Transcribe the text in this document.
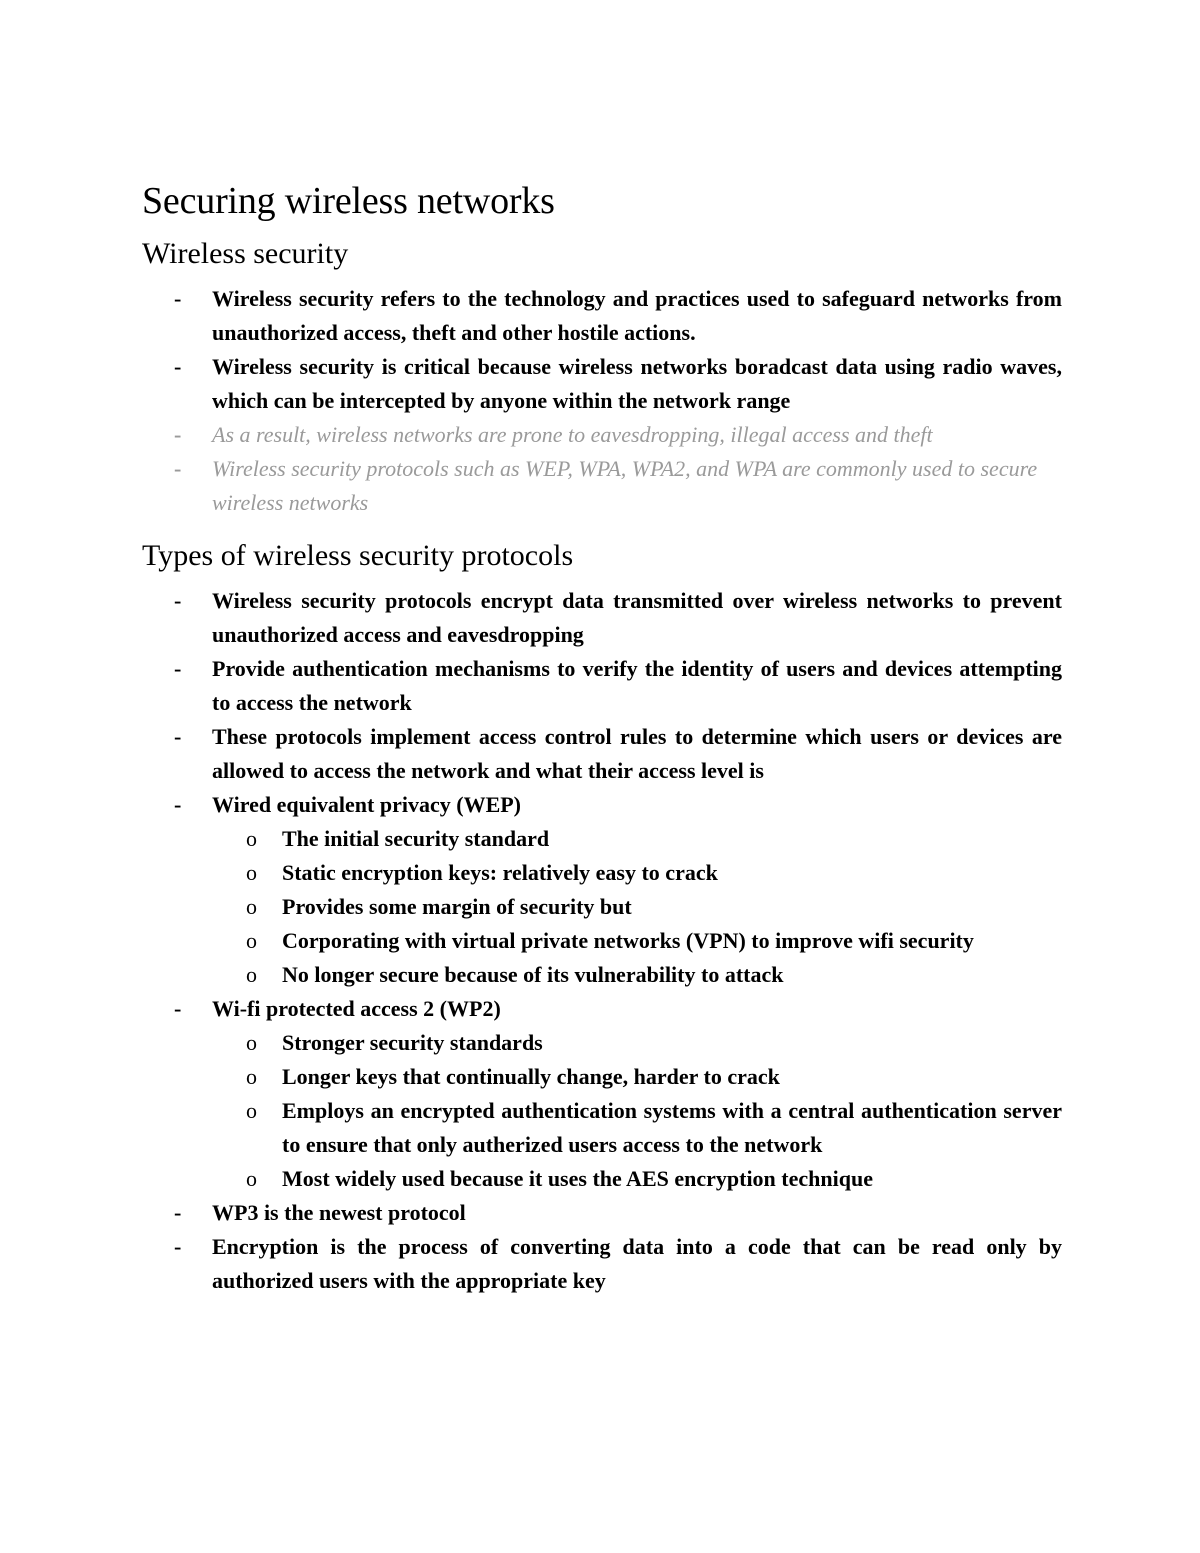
Securing wireless networks
Wireless security
- Wireless security refers to the technology and practices used to safeguard networks from unauthorized access, theft and other hostile actions.
- Wireless security is critical because wireless networks boradcast data using radio waves, which can be intercepted by anyone within the network range
- As a result, wireless networks are prone to eavesdropping, illegal access and theft
- Wireless security protocols such as WEP, WPA, WPA2, and WPA are commonly used to secure wireless networks
Types of wireless security protocols
- Wireless security protocols encrypt data transmitted over wireless networks to prevent unauthorized access and eavesdropping
- Provide authentication mechanisms to verify the identity of users and devices attempting to access the network
- These protocols implement access control rules to determine which users or devices are allowed to access the network and what their access level is
- Wired equivalent privacy (WEP)
o The initial security standard
o Static encryption keys: relatively easy to crack
o Provides some margin of security but
o Corporating with virtual private networks (VPN) to improve wifi security
o No longer secure because of its vulnerability to attack
- Wi-fi protected access 2 (WP2)
o Stronger security standards
o Longer keys that continually change, harder to crack
o Employs an encrypted authentication systems with a central authentication server to ensure that only autherized users access to the network
o Most widely used because it uses the AES encryption technique
- WP3 is the newest protocol
- Encryption is the process of converting data into a code that can be read only by authorized users with the appropriate key
